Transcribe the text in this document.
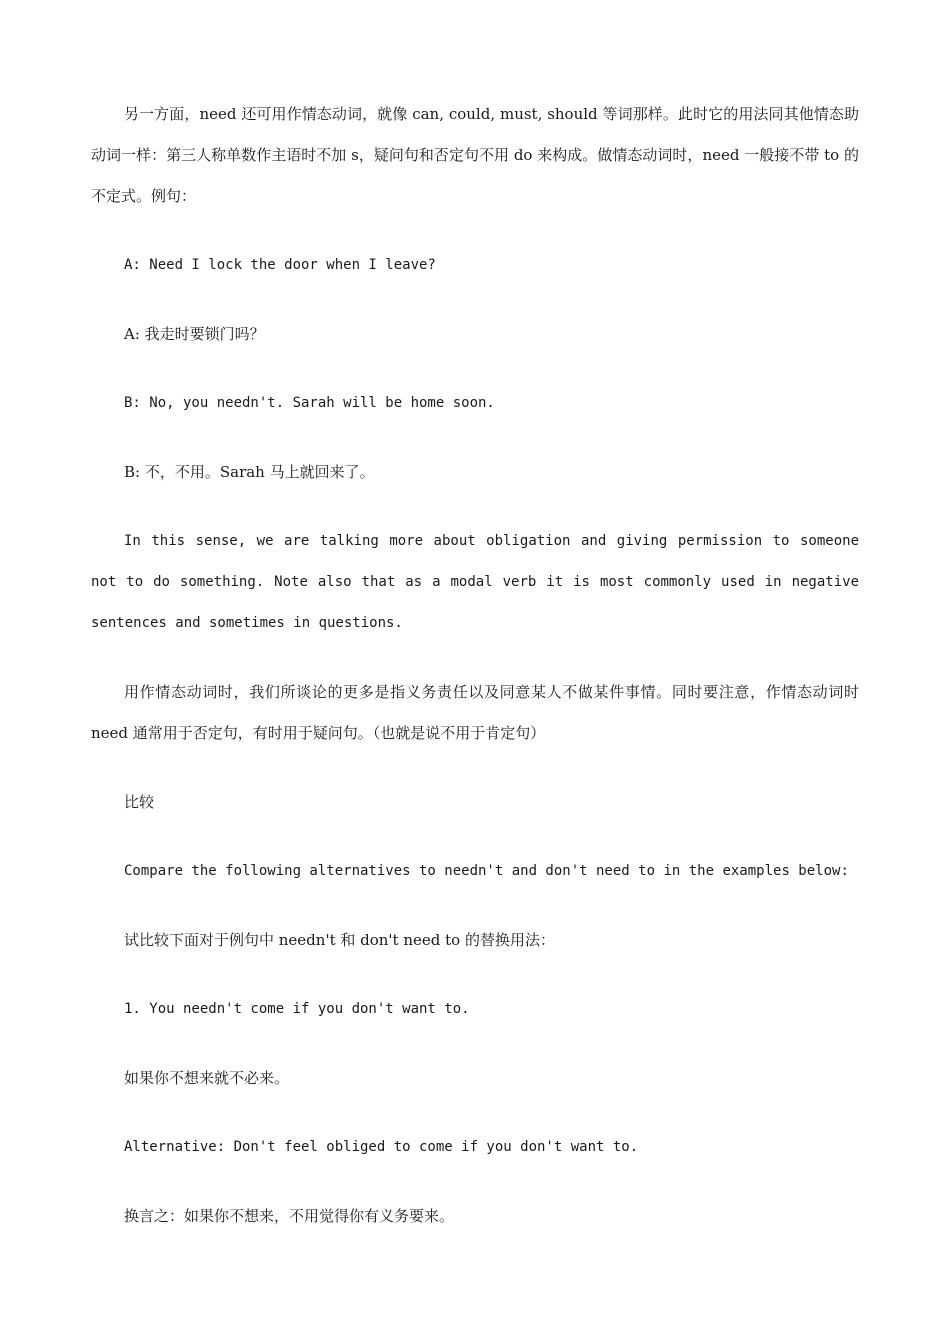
另一方面，need 还可用作情态动词，就像 can, could, must, should 等词那样。此时它的用法同其他情态助动词一样：第三人称单数作主语时不加 s，疑问句和否定句不用 do 来构成。做情态动词时，need 一般接不带 to 的不定式。例句：

A: Need I lock the door when I leave?
A: 我走时要锁门吗？
B: No, you needn't. Sarah will be home soon.
B: 不，不用。Sarah 马上就回来了。

In this sense, we are talking more about obligation and giving permission to someone not to do something. Note also that as a modal verb it is most commonly used in negative sentences and sometimes in questions.

用作情态动词时，我们所谈论的更多是指义务责任以及同意某人不做某件事情。同时要注意，作情态动词时 need 通常用于否定句，有时用于疑问句。（也就是说不用于肯定句）

比较
Compare the following alternatives to needn't and don't need to in the examples below:
试比较下面对于例句中 needn't 和 don't need to 的替换用法：
1. You needn't come if you don't want to.
如果你不想来就不必来。
Alternative: Don't feel obliged to come if you don't want to.
换言之：如果你不想来，不用觉得你有义务要来。
